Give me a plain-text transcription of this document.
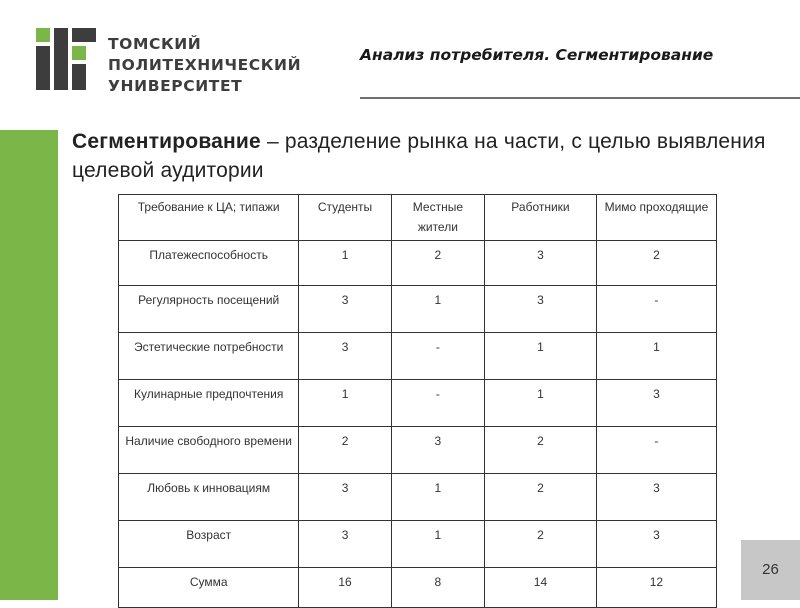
ТОМСКИЙ
ПОЛИТЕХНИЧЕСКИЙ
УНИВЕРСИТЕТ
Анализ потребителя. Сегментирование
Сегментирование – разделение рынка на части, с целью выявления целевой аудитории
Требование к ЦА; типажи	Студенты	Местные жители	Работники	Мимо проходящие
Платежеспособность	1	2	3	2
Регулярность посещений	3	1	3	-
Эстетические потребности	3	-	1	1
Кулинарные предпочтения	1	-	1	3
Наличие свободного времени	2	3	2	-
Любовь к инновациям	3	1	2	3
Возраст	3	1	2	3
Сумма	16	8	14	12
26
